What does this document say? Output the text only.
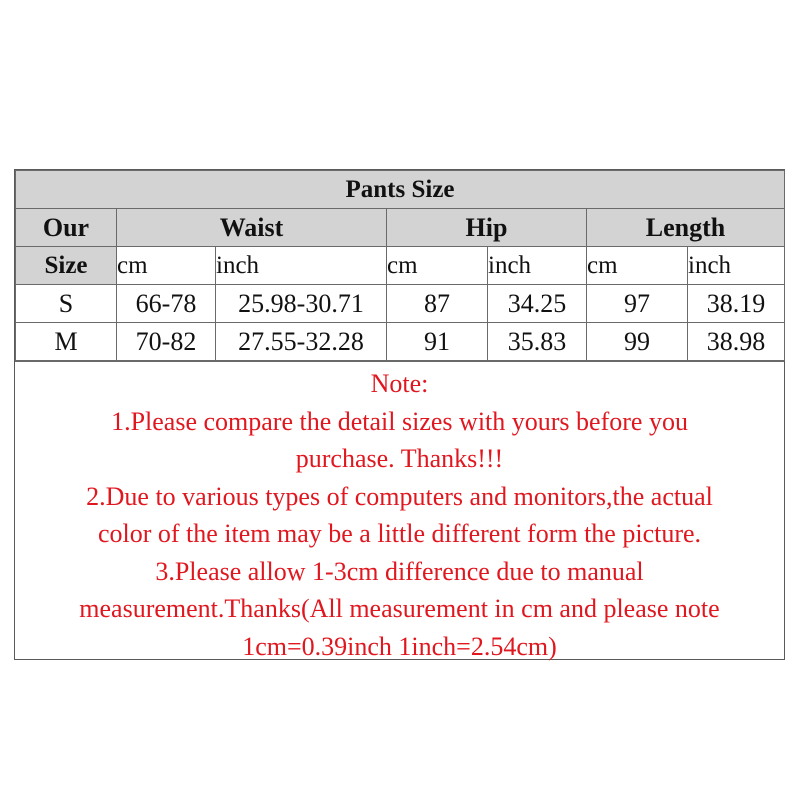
Pants Size						
Our	Waist		Hip		Length	
Size	cm	inch	cm	inch	cm	inch
S	66-78	25.98-30.71	87	34.25	97	38.19
M	70-82	27.55-32.28	91	35.83	99	38.98
Note:
1.Please compare the detail sizes with yours before you
purchase. Thanks!!!
2.Due to various types of computers and monitors,the actual
color of the item may be a little different form the picture.
3.Please allow 1-3cm difference due to manual
measurement.Thanks(All measurement in cm and please note
1cm=0.39inch 1inch=2.54cm)
